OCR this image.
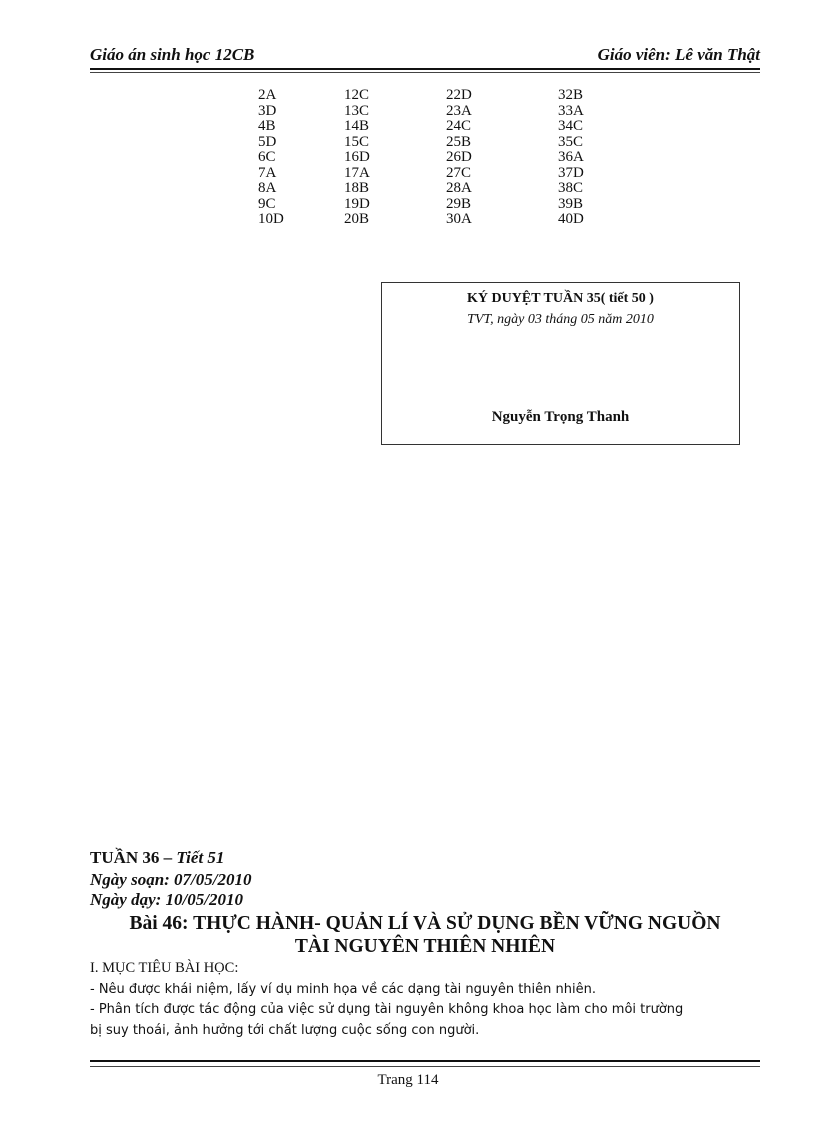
Giáo án sinh học 12CB	Giáo viên: Lê văn Thật
2A	12C	22D	32B
3D	13C	23A	33A
4B	14B	24C	34C
5D	15C	25B	35C
6C	16D	26D	36A
7A	17A	27C	37D
8A	18B	28A	38C
9C	19D	29B	39B
10D	20B	30A	40D
KÝ DUYỆT TUẦN 35( tiết 50 )
TVT, ngày 03 tháng 05 năm 2010
Nguyễn Trọng Thanh
TUẦN 36 – Tiết 51
Ngày soạn: 07/05/2010
Ngày dạy: 10/05/2010
Bài 46: THỰC HÀNH- QUẢN LÍ VÀ SỬ DỤNG BỀN VỮNG NGUỒN
TÀI NGUYÊN THIÊN NHIÊN
I. MỤC TIÊU BÀI HỌC:
- Nêu được khái niệm, lấy ví dụ minh họa về các dạng tài nguyên thiên nhiên.
- Phân tích được tác động của việc sử dụng tài nguyên không khoa học làm cho môi trường
bị suy thoái, ảnh hưởng tới chất lượng cuộc sống con người.
Trang 114
